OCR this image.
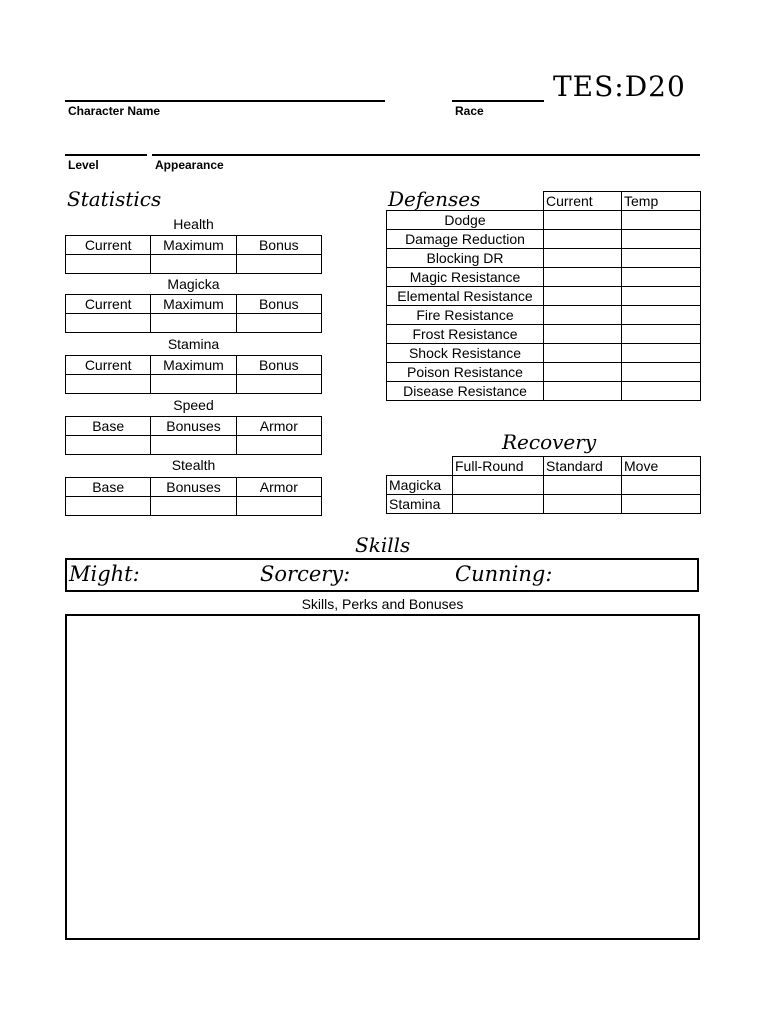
Character Name	Race
TES:D20
Level	Appearance
Statistics
Health
Current	Maximum	Bonus

Magicka
Current	Maximum	Bonus

Stamina
Current	Maximum	Bonus

Speed
Base	Bonuses	Armor

Stealth
Base	Bonuses	Armor

Defenses
		Current	Temp
Dodge		
Damage Reduction		
Blocking DR		
Magic Resistance		
Elemental Resistance		
Fire Resistance		
Frost Resistance		
Shock Resistance		
Poison Resistance		
Disease Resistance		
Recovery
	Full-Round	Standard	Move
Magicka			
Stamina			
Skills
Might:	Sorcery:	Cunning:
Skills, Perks and Bonuses
